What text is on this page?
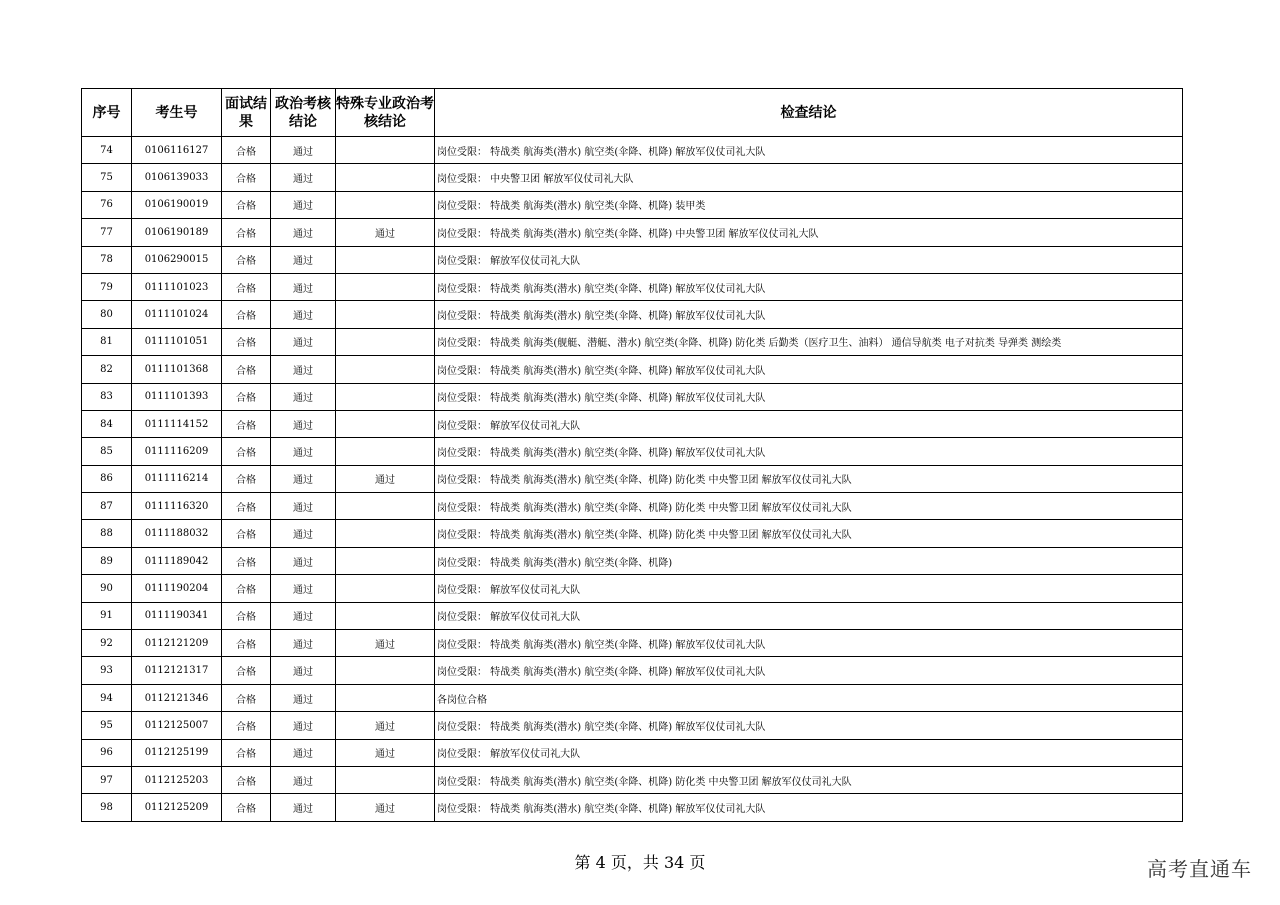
序号	考生号	面试结果	政治考核结论	特殊专业政治考核结论	检查结论
74	0106116127	合格	通过		岗位受限： 特战类 航海类(潜水) 航空类(伞降、机降) 解放军仪仗司礼大队
75	0106139033	合格	通过		岗位受限： 中央警卫团 解放军仪仗司礼大队
76	0106190019	合格	通过		岗位受限： 特战类 航海类(潜水) 航空类(伞降、机降) 装甲类
77	0106190189	合格	通过	通过	岗位受限： 特战类 航海类(潜水) 航空类(伞降、机降) 中央警卫团 解放军仪仗司礼大队
78	0106290015	合格	通过		岗位受限： 解放军仪仗司礼大队
79	0111101023	合格	通过		岗位受限： 特战类 航海类(潜水) 航空类(伞降、机降) 解放军仪仗司礼大队
80	0111101024	合格	通过		岗位受限： 特战类 航海类(潜水) 航空类(伞降、机降) 解放军仪仗司礼大队
81	0111101051	合格	通过		岗位受限： 特战类 航海类(舰艇、潜艇、潜水) 航空类(伞降、机降) 防化类 后勤类（医疗卫生、油料） 通信导航类 电子对抗类 导弹类 测绘类
82	0111101368	合格	通过		岗位受限： 特战类 航海类(潜水) 航空类(伞降、机降) 解放军仪仗司礼大队
83	0111101393	合格	通过		岗位受限： 特战类 航海类(潜水) 航空类(伞降、机降) 解放军仪仗司礼大队
84	0111114152	合格	通过		岗位受限： 解放军仪仗司礼大队
85	0111116209	合格	通过		岗位受限： 特战类 航海类(潜水) 航空类(伞降、机降) 解放军仪仗司礼大队
86	0111116214	合格	通过	通过	岗位受限： 特战类 航海类(潜水) 航空类(伞降、机降) 防化类 中央警卫团 解放军仪仗司礼大队
87	0111116320	合格	通过		岗位受限： 特战类 航海类(潜水) 航空类(伞降、机降) 防化类 中央警卫团 解放军仪仗司礼大队
88	0111188032	合格	通过		岗位受限： 特战类 航海类(潜水) 航空类(伞降、机降) 防化类 中央警卫团 解放军仪仗司礼大队
89	0111189042	合格	通过		岗位受限： 特战类 航海类(潜水) 航空类(伞降、机降)
90	0111190204	合格	通过		岗位受限： 解放军仪仗司礼大队
91	0111190341	合格	通过		岗位受限： 解放军仪仗司礼大队
92	0112121209	合格	通过	通过	岗位受限： 特战类 航海类(潜水) 航空类(伞降、机降) 解放军仪仗司礼大队
93	0112121317	合格	通过		岗位受限： 特战类 航海类(潜水) 航空类(伞降、机降) 解放军仪仗司礼大队
94	0112121346	合格	通过		各岗位合格
95	0112125007	合格	通过	通过	岗位受限： 特战类 航海类(潜水) 航空类(伞降、机降) 解放军仪仗司礼大队
96	0112125199	合格	通过	通过	岗位受限： 解放军仪仗司礼大队
97	0112125203	合格	通过		岗位受限： 特战类 航海类(潜水) 航空类(伞降、机降) 防化类 中央警卫团 解放军仪仗司礼大队
98	0112125209	合格	通过	通过	岗位受限： 特战类 航海类(潜水) 航空类(伞降、机降) 解放军仪仗司礼大队
第 4 页，共 34 页	高考直通车
